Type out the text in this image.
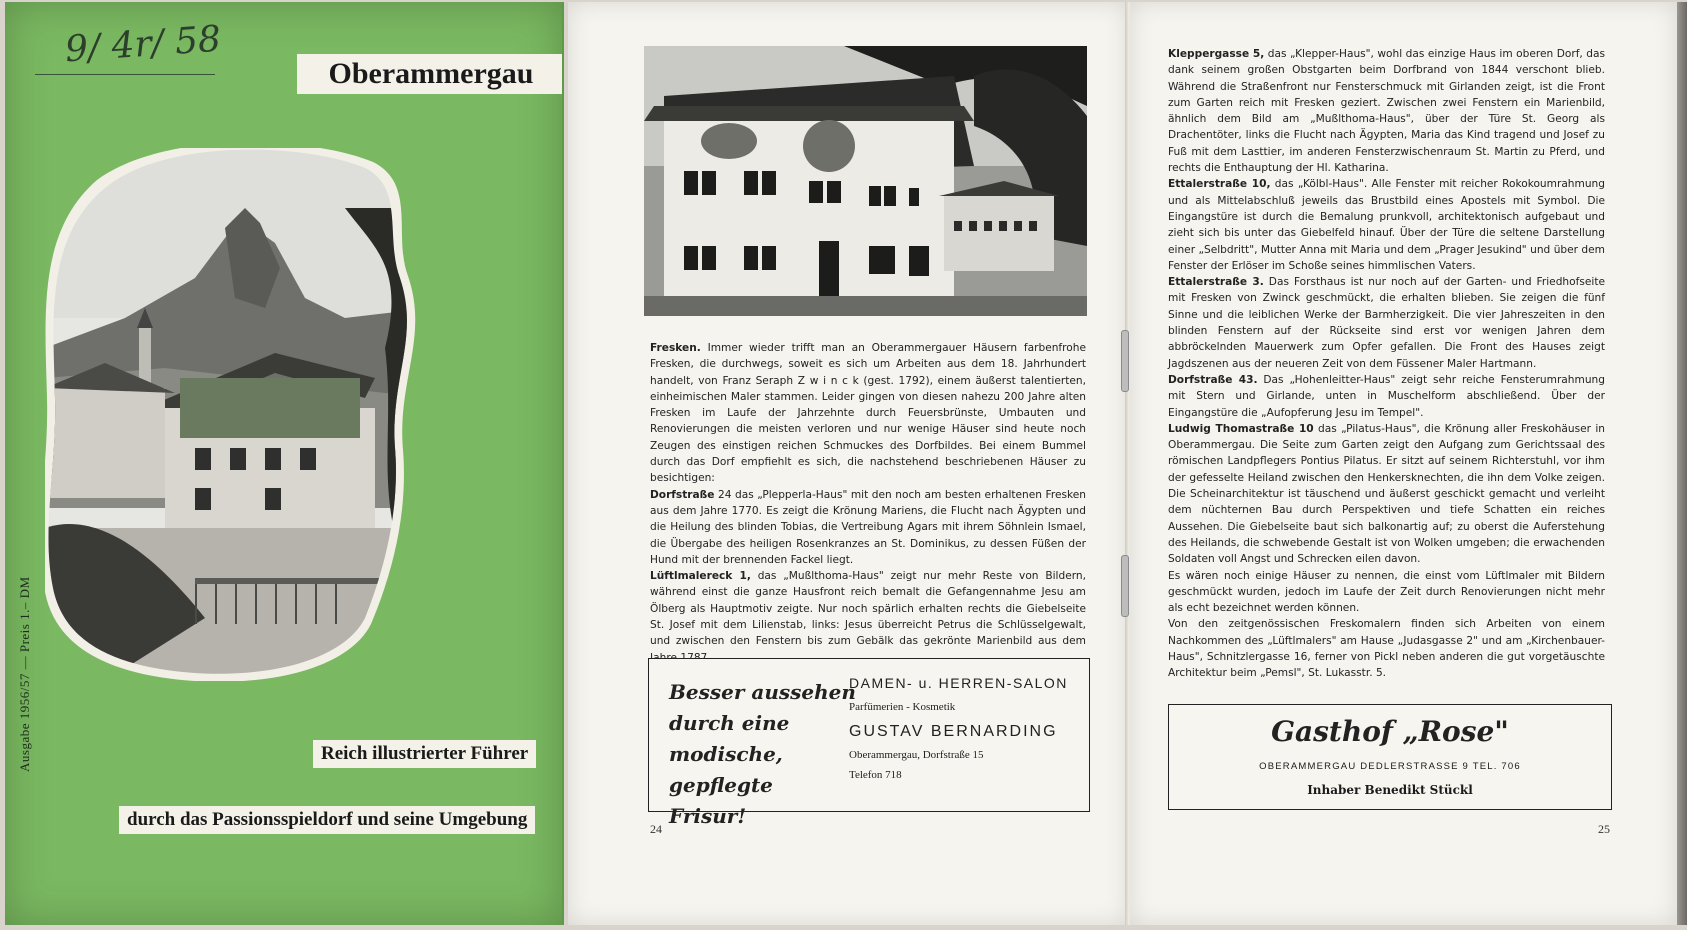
9/ 4r/ 58
Oberammergau
Ausgabe 1956/57 — Preis 1.– DM	Reich illustrierter Führer
durch das Passionsspieldorf und seine Umgebung

Fresken. Immer wieder trifft man an Oberammergauer Häusern farbenfrohe Fresken, die durchwegs, soweit es sich um Arbeiten aus dem 18. Jahrhundert handelt, von Franz Seraph Z w i n c k (gest. 1792), einem äußerst talentierten, einheimischen Maler stammen. Leider gingen von diesen nahezu 200 Jahre alten Fresken im Laufe der Jahrzehnte durch Feuersbrünste, Umbauten und Renovierungen die meisten verloren und nur wenige Häuser sind heute noch Zeugen des einstigen reichen Schmuckes des Dorfbildes. Bei einem Bummel durch das Dorf empfiehlt es sich, die nachstehend beschriebenen Häuser zu besichtigen:

Dorfstraße 24 das „Plepperla-Haus" mit den noch am besten erhaltenen Fresken aus dem Jahre 1770. Es zeigt die Krönung Mariens, die Flucht nach Ägypten und die Heilung des blinden Tobias, die Vertreibung Agars mit ihrem Söhnlein Ismael, die Übergabe des heiligen Rosenkranzes an St. Dominikus, zu dessen Füßen der Hund mit der brennenden Fackel liegt.

Lüftlmalereck 1, das „Mußlthoma-Haus" zeigt nur mehr Reste von Bildern, während einst die ganze Hausfront reich bemalt die Gefangennahme Jesu am Ölberg als Hauptmotiv zeigte. Nur noch spärlich erhalten rechts die Giebelseite St. Josef mit dem Lilienstab, links: Jesus überreicht Petrus die Schlüsselgewalt, und zwischen den Fenstern bis zum Gebälk das gekrönte Marienbild aus dem

Besser aussehen
durch eine
modische, gepflegte
Frisur!
DAMEN- u. HERREN-SALON
Parfümerien - Kosmetik
GUSTAV BERNARDING
Oberammergau, Dorfstraße 15
Telefon 718
24

Kleppergasse 5, das „Klepper-Haus", wohl das einzige Haus im oberen Dorf, das dank seinem großen Obstgarten beim Dorfbrand von 1844 verschont blieb. Während die Straßenfront nur Fensterschmuck mit Girlanden zeigt, ist die Front zum Garten reich mit Fresken geziert. Zwischen zwei Fenstern ein Marienbild, ähnlich dem Bild am „Mußlthoma-Haus", über der Türe St. Georg als Drachentöter, links die Flucht nach Ägypten, Maria das Kind tragend und Josef zu Fuß mit dem Lasttier, im anderen Fensterzwischenraum St. Martin zu Pferd, und rechts die Enthauptung der Hl. Katharina.

Ettalerstraße 10, das „Kölbl-Haus". Alle Fenster mit reicher Rokokoumrahmung und als Mittelabschluß jeweils das Brustbild eines Apostels mit Symbol. Die Eingangstüre ist durch die Bemalung prunkvoll, architektonisch aufgebaut und zieht sich bis unter das Giebelfeld hinauf. Über der Türe die seltene Darstellung einer „Selbdritt", Mutter Anna mit Maria und dem „Prager Jesukind" und über dem Fenster der Erlöser im Schoße seines himmlischen Vaters.

Ettalerstraße 3. Das Forsthaus ist nur noch auf der Garten- und Friedhofseite mit Fresken von Zwinck geschmückt, die erhalten blieben. Sie zeigen die fünf Sinne und die leiblichen Werke der Barmherzigkeit. Die vier Jahreszeiten in den blinden Fenstern auf der Rückseite sind erst vor wenigen Jahren dem abbröckelnden Mauerwerk zum Opfer gefallen. Die Front des Hauses zeigt Jagdszenen aus der neueren Zeit von dem Füssener Maler Hartmann.

Dorfstraße 43. Das „Hohenleitter-Haus" zeigt sehr reiche Fensterumrahmung mit Stern und Girlande, unten in Muschelform abschließend. Über der Eingangstüre die „Aufopferung Jesu im Tempel".

Ludwig Thomastraße 10 das „Pilatus-Haus", die Krönung aller Freskohäuser in Oberammergau. Die Seite zum Garten zeigt den Aufgang zum Gerichtssaal des römischen Landpflegers Pontius Pilatus. Er sitzt auf seinem Richterstuhl, vor ihm der gefesselte Heiland zwischen den Henkersknechten, die ihn dem Volke zeigen. Die Scheinarchitektur ist täuschend und äußerst geschickt gemacht und verleiht dem nüchternen Bau durch Perspektiven und tiefe Schatten ein reiches Aussehen. Die Giebelseite baut sich balkonartig auf; zu oberst die Auferstehung des Heilands, die schwebende Gestalt ist von Wolken umgeben; die erwachenden Soldaten voll Angst und Schrecken eilen davon.

Es wären noch einige Häuser zu nennen, die einst vom Lüftlmaler mit Bildern geschmückt wurden, jedoch im Laufe der Zeit durch Renovierungen nicht mehr als echt bezeichnet werden können.

Von den zeitgenössischen Freskomalern finden sich Arbeiten von einem Nachkommen des „Lüftlmalers" am Hause „Judasgasse 2" und am „Kirchenbauer-Haus", Schnitzlergasse 16, ferner von Pickl neben anderen die gut vorgetäuschte Architektur beim „Pemsl", St. Lukasstr. 5.

Gasthof „Rose"
OBERAMMERGAU DEDLERSTRASSE 9 TEL. 706
Inhaber Benedikt Stückl
25
